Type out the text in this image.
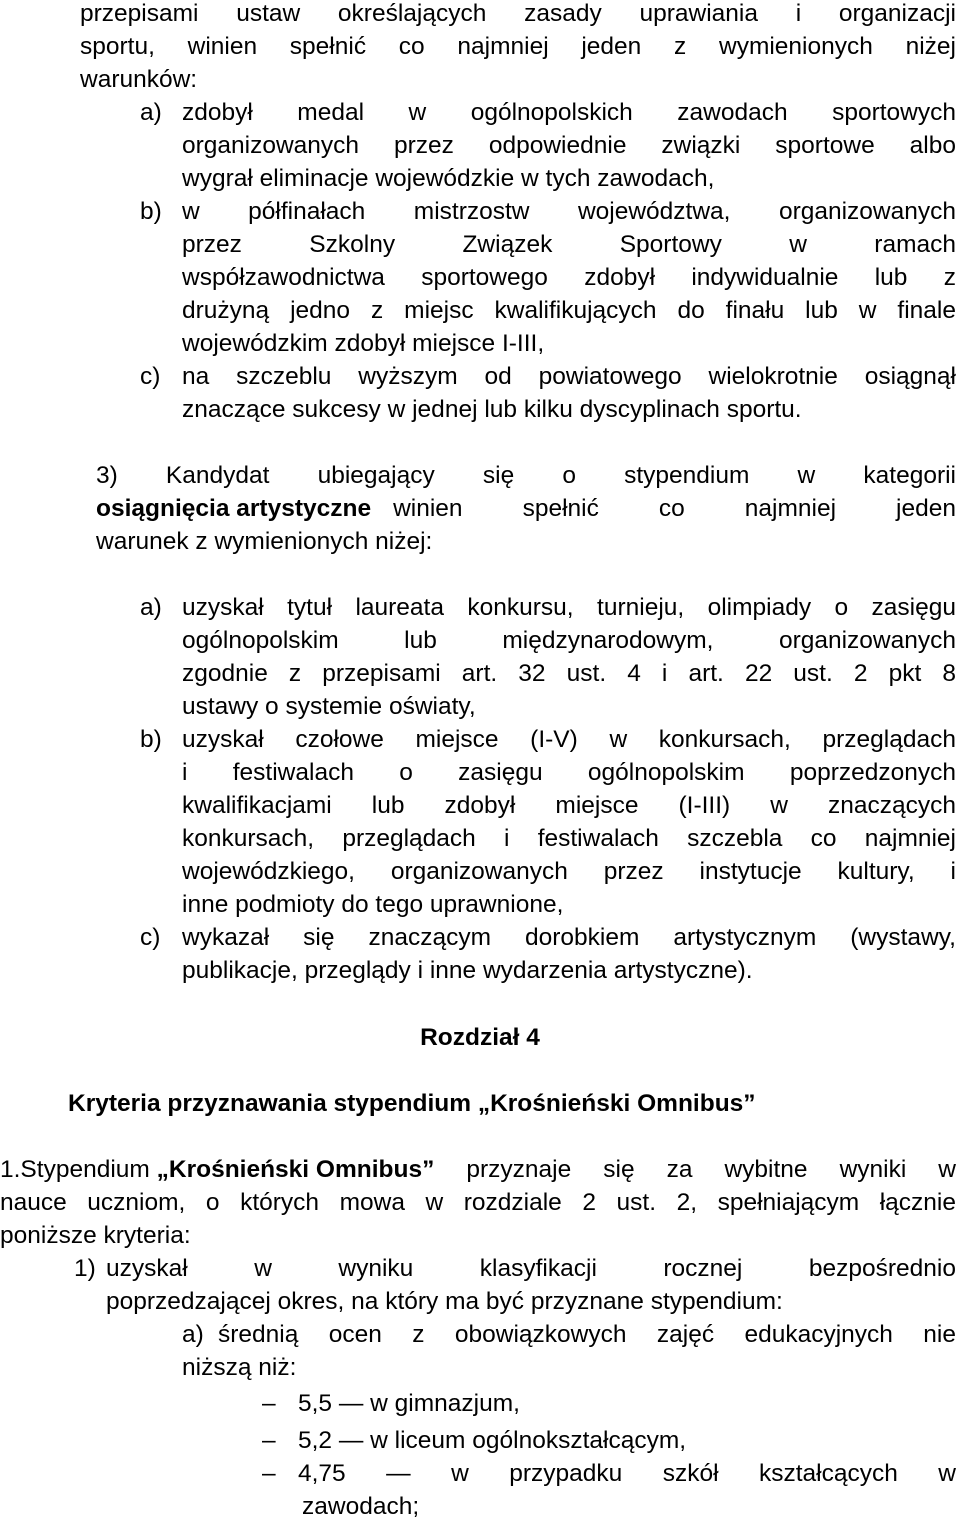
przepisami ustaw określających zasady uprawiania i organizacji
sportu, winien spełnić co najmniej jeden z wymienionych niżej
warunków:
a) zdobył medal w ogólnopolskich zawodach sportowych
organizowanych przez odpowiednie związki sportowe albo
wygrał eliminacje wojewódzkie w tych zawodach,
b) w półfinałach mistrzostw województwa, organizowanych
przez Szkolny Związek Sportowy w ramach
współzawodnictwa sportowego zdobył indywidualnie lub z
drużyną jedno z miejsc kwalifikujących do finału lub w finale
wojewódzkim zdobył miejsce I-III,
c) na szczeblu wyższym od powiatowego wielokrotnie osiągnął
znaczące sukcesy w jednej lub kilku dyscyplinach sportu.
3) Kandydat ubiegający się o stypendium w kategorii
osiągnięcia artystyczne winien spełnić co najmniej jeden
warunek z wymienionych niżej:
a) uzyskał tytuł laureata konkursu, turnieju, olimpiady o zasięgu
ogólnopolskim lub międzynarodowym, organizowanych
zgodnie z przepisami art. 32 ust. 4 i art. 22 ust. 2 pkt 8
ustawy o systemie oświaty,
b) uzyskał czołowe miejsce (I-V) w konkursach, przeglądach
i festiwalach o zasięgu ogólnopolskim poprzedzonych
kwalifikacjami lub zdobył miejsce (I-III) w znaczących
konkursach, przeglądach i festiwalach szczebla co najmniej
wojewódzkiego, organizowanych przez instytucje kultury, i
inne podmioty do tego uprawnione,
c) wykazał się znaczącym dorobkiem artystycznym (wystawy,
publikacje, przeglądy i inne wydarzenia artystyczne).
Rozdział 4
Kryteria przyznawania stypendium „Krośnieński Omnibus”
1.Stypendium „Krośnieński Omnibus” przyznaje się za wybitne wyniki w
nauce uczniom, o których mowa w rozdziale 2 ust. 2, spełniającym łącznie
poniższe kryteria:
1) uzyskał w wyniku klasyfikacji rocznej bezpośrednio
poprzedzającej okres, na który ma być przyznane stypendium:
a) średnią ocen z obowiązkowych zajęć edukacyjnych nie
niższą niż:
– 5,5 — w gimnazjum,
– 5,2 — w liceum ogólnokształcącym,
– 4,75 — w przypadku szkół kształcących w
zawodach;
